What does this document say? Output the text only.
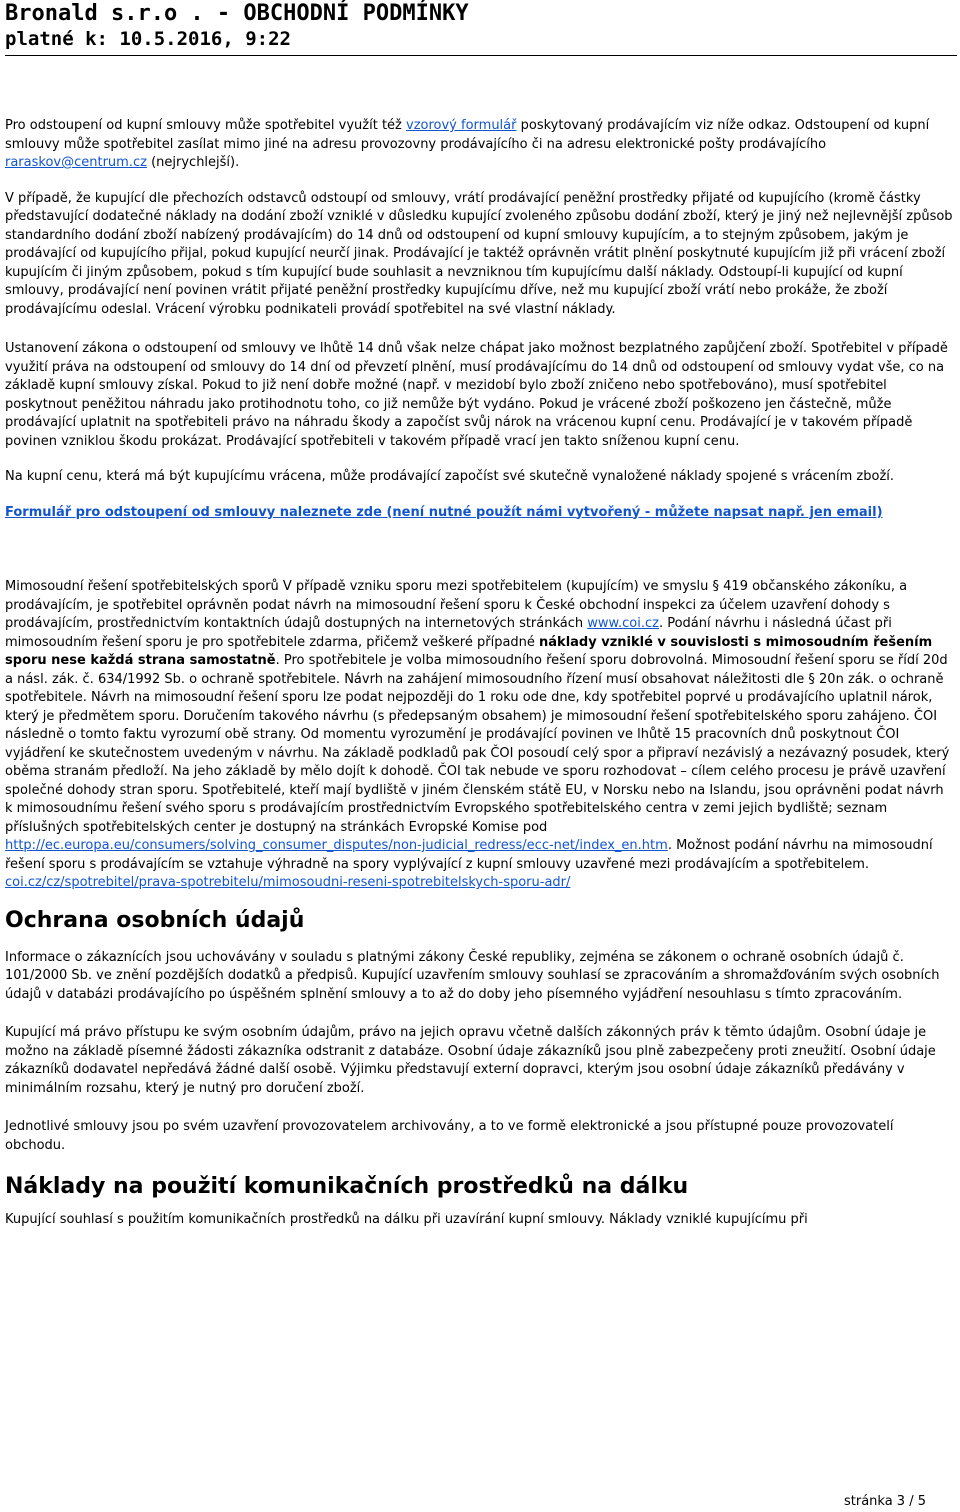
Bronald s.r.o . - OBCHODNÍ PODMÍNKY

platné k: 10.5.2016, 9:22

Pro odstoupení od kupní smlouvy může spotřebitel využít též vzorový formulář poskytovaný prodávajícím viz níže odkaz. Odstoupení od kupní smlouvy může spotřebitel zasílat mimo jiné na adresu provozovny prodávajícího či na adresu elektronické pošty prodávajícího raraskov@centrum.cz (nejrychlejší).

V případě, že kupující dle přechozích odstavců odstoupí od smlouvy, vrátí prodávající peněžní prostředky přijaté od kupujícího (kromě částky představující dodatečné náklady na dodání zboží vzniklé v důsledku kupující zvoleného způsobu dodání zboží, který je jiný než nejlevnější způsob standardního dodání zboží nabízený prodávajícím) do 14 dnů od odstoupení od kupní smlouvy kupujícím, a to stejným způsobem, jakým je prodávající od kupujícího přijal, pokud kupující neurčí jinak. Prodávající je taktéž oprávněn vrátit plnění poskytnuté kupujícím již při vrácení zboží kupujícím či jiným způsobem, pokud s tím kupující bude souhlasit a nevzniknou tím kupujícímu další náklady. Odstoupí-li kupující od kupní smlouvy, prodávající není povinen vrátit přijaté peněžní prostředky kupujícímu dříve, než mu kupující zboží vrátí nebo prokáže, že zboží prodávajícímu odeslal. Vrácení výrobku podnikateli provádí spotřebitel na své vlastní náklady.

Ustanovení zákona o odstoupení od smlouvy ve lhůtě 14 dnů však nelze chápat jako možnost bezplatného zapůjčení zboží. Spotřebitel v případě využití práva na odstoupení od smlouvy do 14 dní od převzetí plnění, musí prodávajícímu do 14 dnů od odstoupení od smlouvy vydat vše, co na základě kupní smlouvy získal. Pokud to již není dobře možné (např. v mezidobí bylo zboží zničeno nebo spotřebováno), musí spotřebitel poskytnout peněžitou náhradu jako protihodnotu toho, co již nemůže být vydáno. Pokud je vrácené zboží poškozeno jen částečně, může prodávající uplatnit na spotřebiteli právo na náhradu škody a započíst svůj nárok na vrácenou kupní cenu. Prodávající je v takovém případě povinen vzniklou škodu prokázat. Prodávající spotřebiteli v takovém případě vrací jen takto sníženou kupní cenu.

Na kupní cenu, která má být kupujícímu vrácena, může prodávající započíst své skutečně vynaložené náklady spojené s vrácením zboží.

Formulář pro odstoupení od smlouvy naleznete zde (není nutné použít námi vytvořený - můžete napsat např. jen email)

Mimosoudní řešení spotřebitelských sporů V případě vzniku sporu mezi spotřebitelem (kupujícím) ve smyslu § 419 občanského zákoníku, a prodávajícím, je spotřebitel oprávněn podat návrh na mimosoudní řešení sporu k České obchodní inspekci za účelem uzavření dohody s prodávajícím, prostřednictvím kontaktních údajů dostupných na internetových stránkách www.coi.cz. Podání návrhu i následná účast při mimosoudním řešení sporu je pro spotřebitele zdarma, přičemž veškeré případné náklady vzniklé v souvislosti s mimosoudním řešením sporu nese každá strana samostatně. Pro spotřebitele je volba mimosoudního řešení sporu dobrovolná. Mimosoudní řešení sporu se řídí 20d a násl. zák. č. 634/1992 Sb. o ochraně spotřebitele. Návrh na zahájení mimosoudního řízení musí obsahovat náležitosti dle § 20n zák. o ochraně spotřebitele. Návrh na mimosoudní řešení sporu lze podat nejpozději do 1 roku ode dne, kdy spotřebitel poprvé u prodávajícího uplatnil nárok, který je předmětem sporu. Doručením takového návrhu (s předepsaným obsahem) je mimosoudní řešení spotřebitelského sporu zahájeno. ČOI následně o tomto faktu vyrozumí obě strany. Od momentu vyrozumění je prodávající povinen ve lhůtě 15 pracovních dnů poskytnout ČOI vyjádření ke skutečnostem uvedeným v návrhu. Na základě podkladů pak ČOI posoudí celý spor a připraví nezávislý a nezávazný posudek, který oběma stranám předloží. Na jeho základě by mělo dojít k dohodě. ČOI tak nebude ve sporu rozhodovat – cílem celého procesu je právě uzavření společné dohody stran sporu. Spotřebitelé, kteří mají bydliště v jiném členském státě EU, v Norsku nebo na Islandu, jsou oprávněni podat návrh k mimosoudnímu řešení svého sporu s prodávajícím prostřednictvím Evropského spotřebitelského centra v zemi jejich bydliště; seznam příslušných spotřebitelských center je dostupný na stránkách Evropské Komise pod http://ec.europa.eu/consumers/solving_consumer_disputes/non-judicial_redress/ecc-net/index_en.htm. Možnost podání návrhu na mimosoudní řešení sporu s prodávajícím se vztahuje výhradně na spory vyplývající z kupní smlouvy uzavřené mezi prodávajícím a spotřebitelem. coi.cz/cz/spotrebitel/prava-spotrebitelu/mimosoudni-reseni-spotrebitelskych-sporu-adr/

Ochrana osobních údajů

Informace o zákaznících jsou uchovávány v souladu s platnými zákony České republiky, zejména se zákonem o ochraně osobních údajů č. 101/2000 Sb. ve znění pozdějších dodatků a předpisů. Kupující uzavřením smlouvy souhlasí se zpracováním a shromažďováním svých osobních údajů v databázi prodávajícího po úspěšném splnění smlouvy a to až do doby jeho písemného vyjádření nesouhlasu s tímto zpracováním.

Kupující má právo přístupu ke svým osobním údajům, právo na jejich opravu včetně dalších zákonných práv k těmto údajům. Osobní údaje je možno na základě písemné žádosti zákazníka odstranit z databáze. Osobní údaje zákazníků jsou plně zabezpečeny proti zneužití. Osobní údaje zákazníků dodavatel nepředává žádné další osobě. Výjimku představují externí dopravci, kterým jsou osobní údaje zákazníků předávány v minimálním rozsahu, který je nutný pro doručení zboží.

Jednotlivé smlouvy jsou po svém uzavření provozovatelem archivovány, a to ve formě elektronické a jsou přístupné pouze provozovatelí obchodu.

Náklady na použití komunikačních prostředků na dálku

Kupující souhlasí s použitím komunikačních prostředků na dálku při uzavírání kupní smlouvy. Náklady vzniklé kupujícímu při

stránka 3 / 5
